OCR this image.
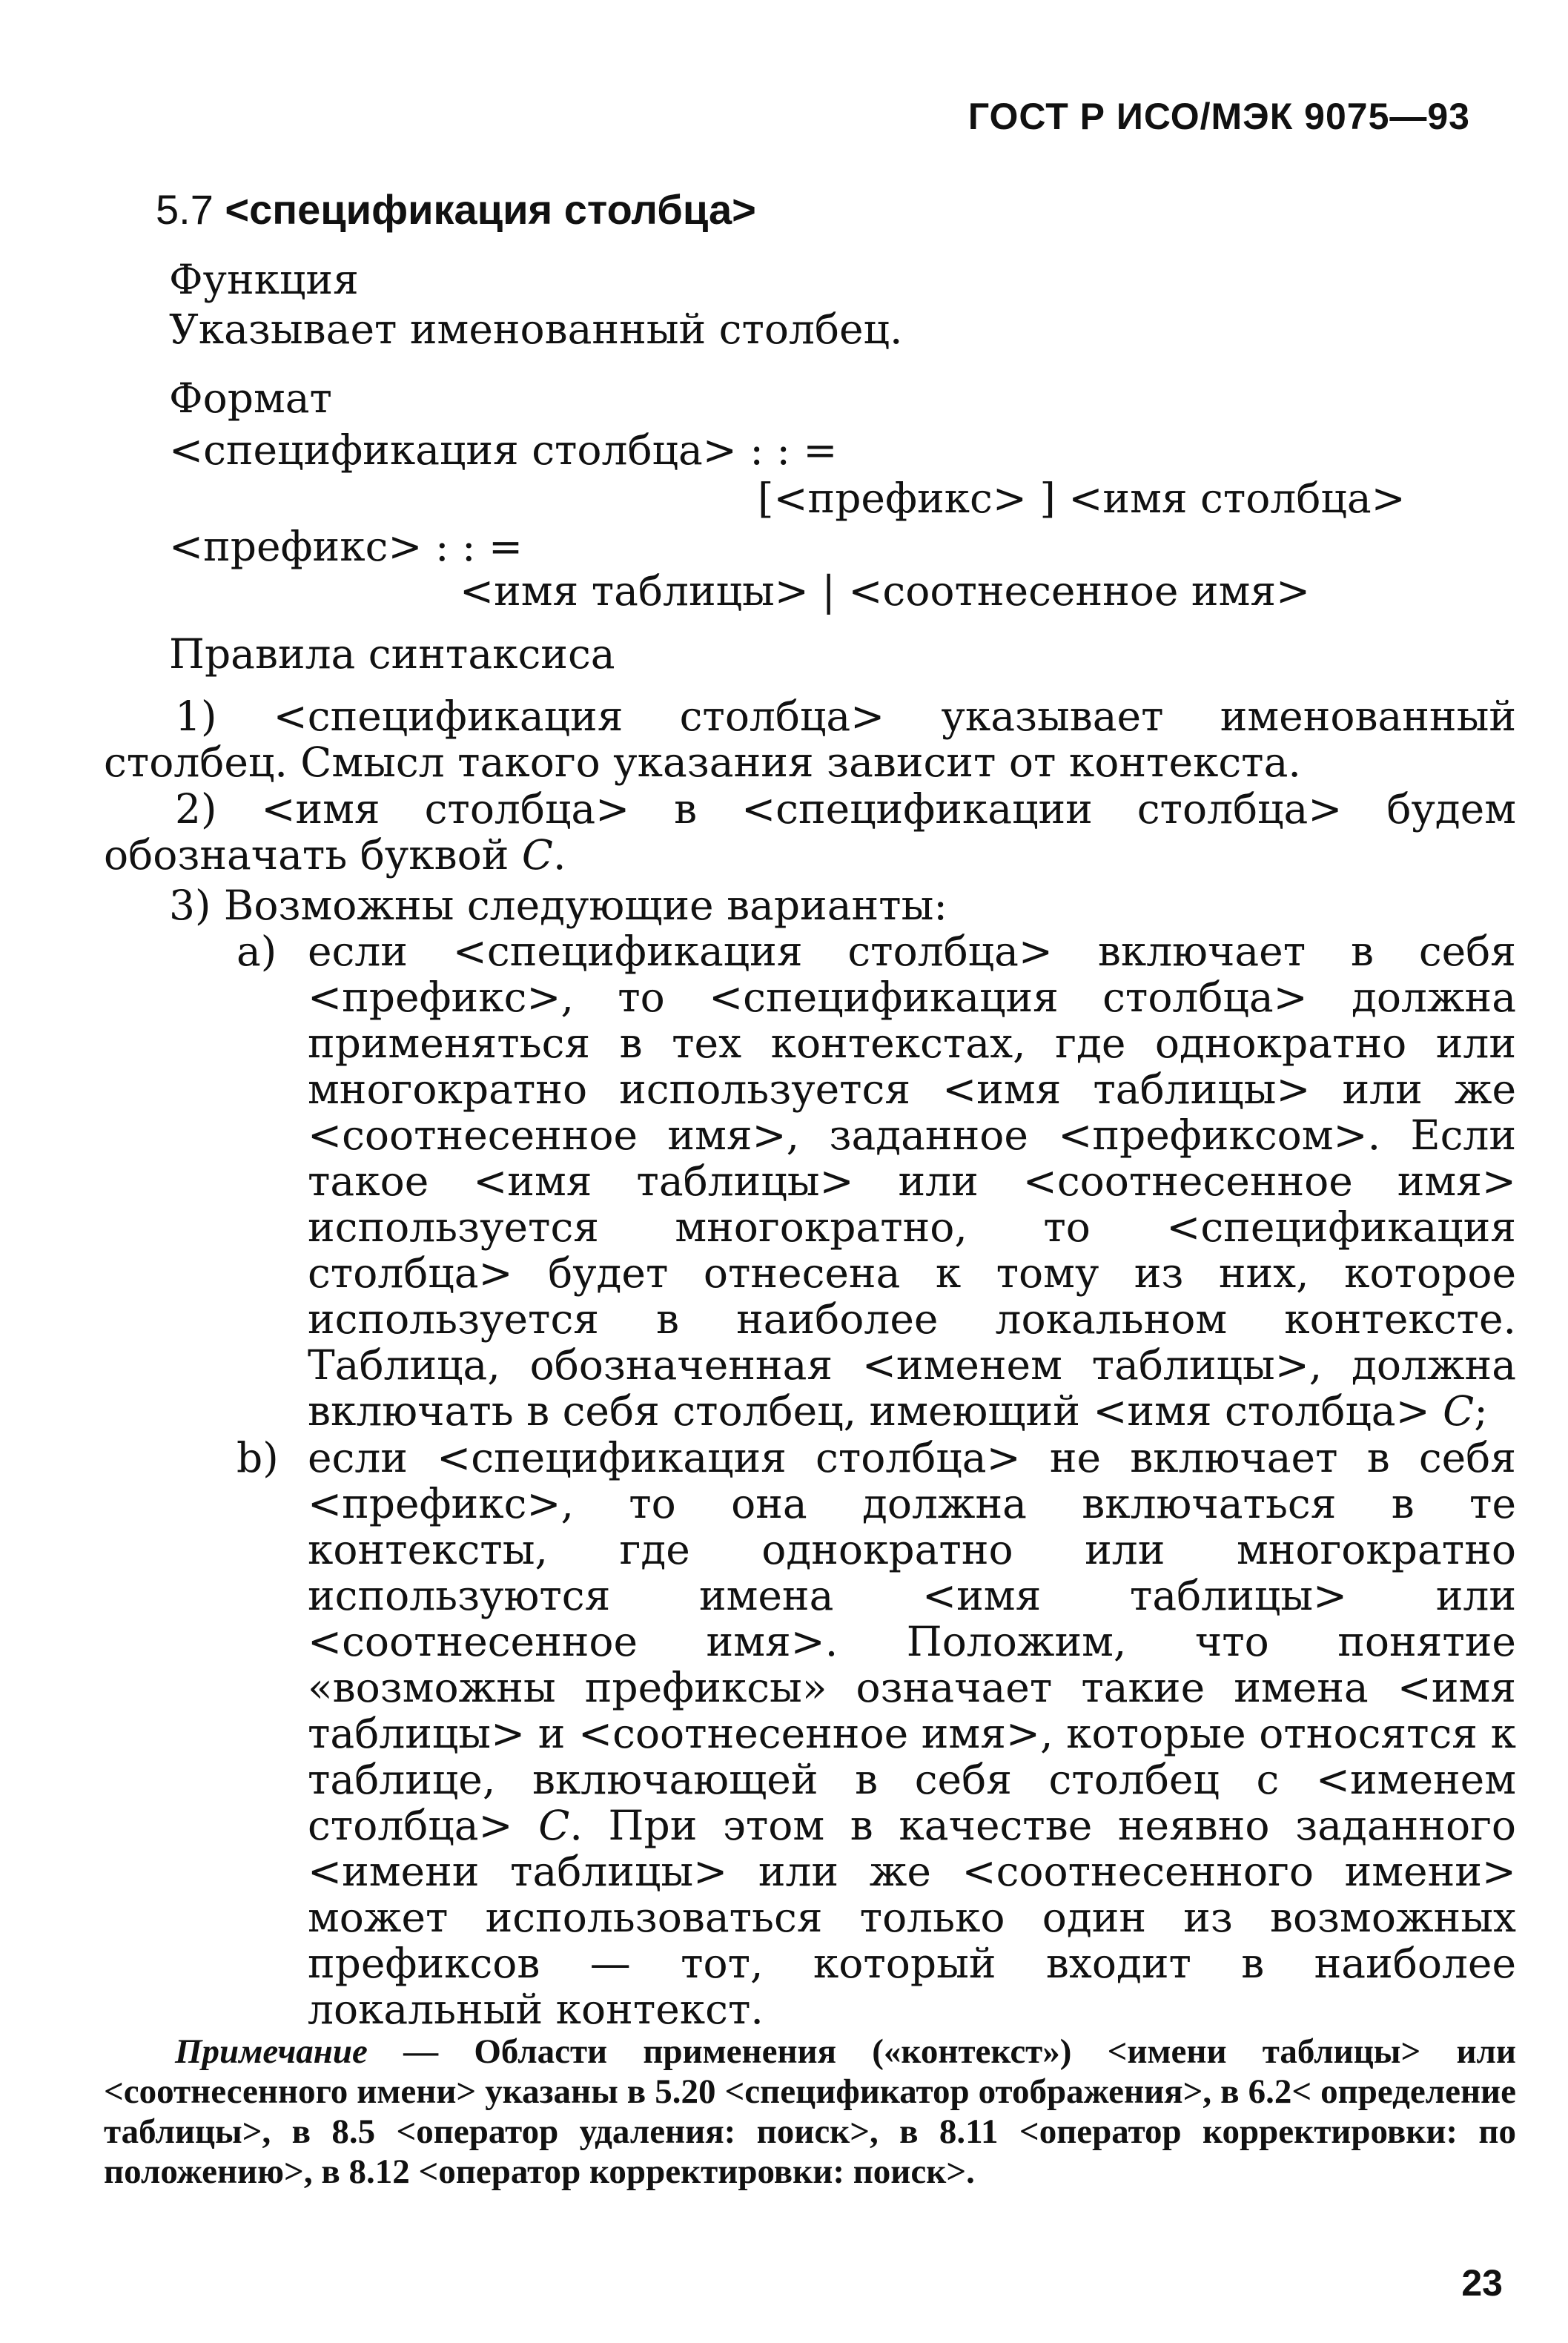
ГОСТ Р ИСО/МЭК 9075—93
5.7 <спецификация столбца>
Функция
Указывает именованный столбец.
Формат
<спецификация столбца> : : =
[<префикс> ] <имя столбца>
<префикс> : : =
<имя таблицы> | <соотнесенное имя>
Правила синтаксиса
1) <спецификация столбца> указывает именованный столбец. Смысл такого указания зависит от контекста.
2) <имя столбца> в <спецификации столбца> будем обозначать буквой C.
3) Возможны следующие варианты:
a) если <спецификация столбца> включает в себя <префикс>, то <спецификация столбца> должна применяться в тех контекстах, где однократно или многократно используется <имя таблицы> или же <соотнесенное имя>, заданное <префиксом>. Если такое <имя таблицы> или <соотнесенное имя> используется многократно, то <спецификация столбца> будет отнесена к тому из них, которое используется в наиболее локальном контексте. Таблица, обозначенная <именем таблицы>, должна включать в себя столбец, имеющий <имя столбца> C;
b) если <спецификация столбца> не включает в себя <префикс>, то она должна включаться в те контексты, где однократно или многократно используются имена <имя таблицы> или <соотнесенное имя>. Положим, что понятие «возможны префиксы» означает такие имена <имя таблицы> и <соотнесенное имя>, которые относятся к таблице, включающей в себя столбец с <именем столбца> C. При этом в качестве неявно заданного <имени таблицы> или же <соотнесенного имени> может использоваться только один из возможных префиксов — тот, который входит в наиболее локальный контекст.
Примечание — Области применения («контекст») <имени таблицы> или <соотнесенного имени> указаны в 5.20 <спецификатор отображения>, в 6.2< определение таблицы>, в 8.5 <оператор удаления: поиск>, в 8.11 <оператор корректировки: по положению>, в 8.12 <оператор корректировки: поиск>.
23
